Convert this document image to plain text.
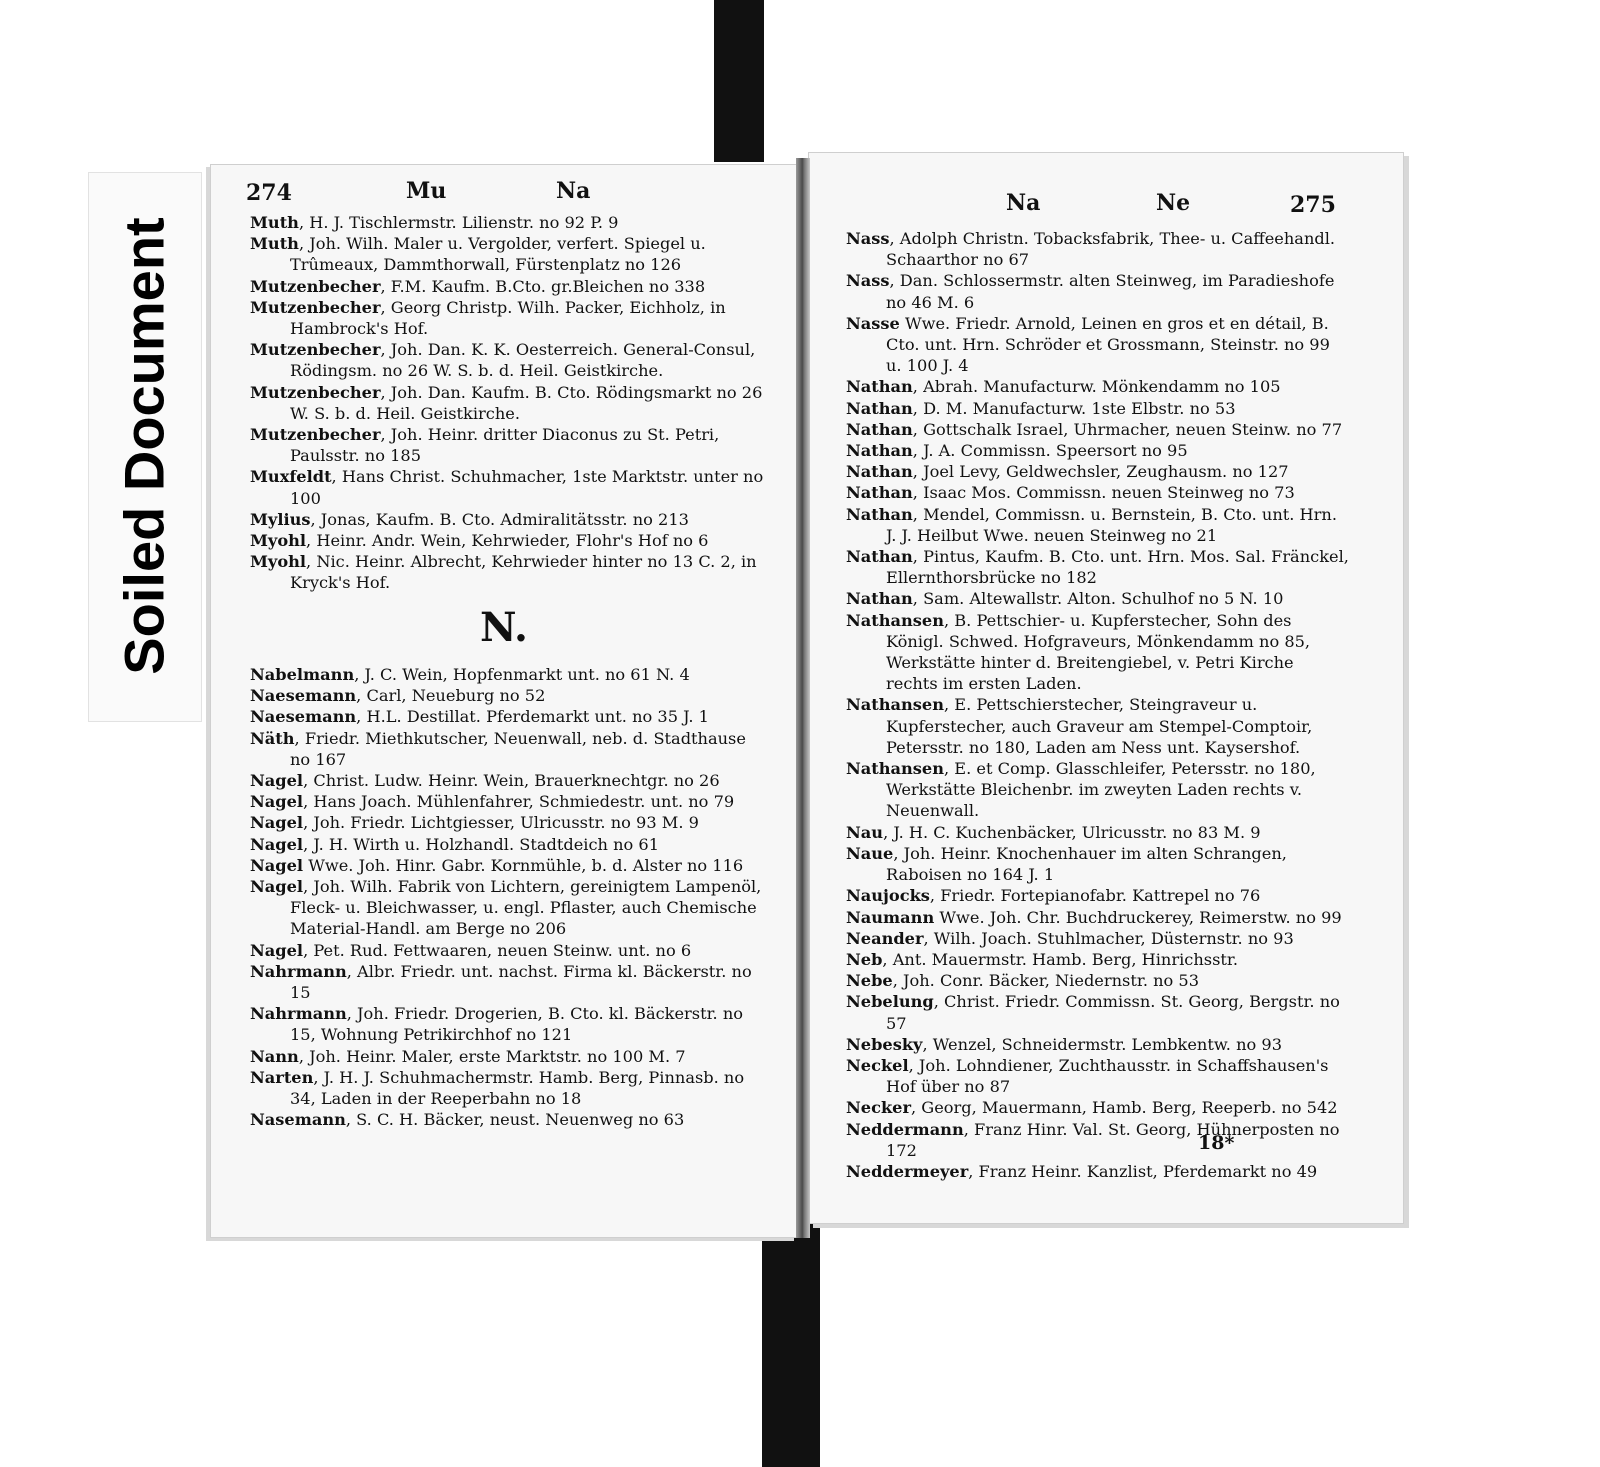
Soiled Document
274	Mu	Na

Muth, H. J. Tischlermstr. Lilienstr. no 92 P. 9

Muth, Joh. Wilh. Maler u. Vergolder, verfert. Spiegel u. Trûmeaux, Dammthorwall, Fürstenplatz no 126

Mutzenbecher, F.M. Kaufm. B.Cto. gr.Bleichen no 338

Mutzenbecher, Georg Christp. Wilh. Packer, Eichholz, in Hambrock's Hof.

Mutzenbecher, Joh. Dan. K. K. Oesterreich. General-Consul, Rödingsm. no 26 W. S. b. d. Heil. Geistkirche.

Mutzenbecher, Joh. Dan. Kaufm. B. Cto. Rödingsmarkt no 26 W. S. b. d. Heil. Geistkirche.

Mutzenbecher, Joh. Heinr. dritter Diaconus zu St. Petri, Paulsstr. no 185

Muxfeldt, Hans Christ. Schuhmacher, 1ste Marktstr. unter no 100

Mylius, Jonas, Kaufm. B. Cto. Admiralitätsstr. no 213

Myohl, Heinr. Andr. Wein, Kehrwieder, Flohr's Hof no 6

Myohl, Nic. Heinr. Albrecht, Kehrwieder hinter no 13 C. 2, in Kryck's Hof.

N.

Nabelmann, J. C. Wein, Hopfenmarkt unt. no 61 N. 4

Naesemann, Carl, Neueburg no 52

Naesemann, H.L. Destillat. Pferdemarkt unt. no 35 J. 1

Näth, Friedr. Miethkutscher, Neuenwall, neb. d. Stadthause no 167

Nagel, Christ. Ludw. Heinr. Wein, Brauerknechtgr. no 26

Nagel, Hans Joach. Mühlenfahrer, Schmiedestr. unt. no 79

Nagel, Joh. Friedr. Lichtgiesser, Ulricusstr. no 93 M. 9

Nagel, J. H. Wirth u. Holzhandl. Stadtdeich no 61

Nagel Wwe. Joh. Hinr. Gabr. Kornmühle, b. d. Alster no 116

Nagel, Joh. Wilh. Fabrik von Lichtern, gereinigtem Lampenöl, Fleck- u. Bleichwasser, u. engl. Pflaster, auch Chemische Material-Handl. am Berge no 206

Nagel, Pet. Rud. Fettwaaren, neuen Steinw. unt. no 6

Nahrmann, Albr. Friedr. unt. nachst. Firma kl. Bäckerstr. no 15

Nahrmann, Joh. Friedr. Drogerien, B. Cto. kl. Bäckerstr. no 15, Wohnung Petrikirchhof no 121

Nann, Joh. Heinr. Maler, erste Marktstr. no 100 M. 7

Narten, J. H. J. Schuhmachermstr. Hamb. Berg, Pinnasb. no 34, Laden in der Reeperbahn no 18

Nasemann, S. C. H. Bäcker, neust. Neuenweg no 63

Na	Ne	275

Nass, Adolph Christn. Tobacksfabrik, Thee- u. Caffeehandl. Schaarthor no 67

Nass, Dan. Schlossermstr. alten Steinweg, im Paradieshofe no 46 M. 6

Nasse Wwe. Friedr. Arnold, Leinen en gros et en détail, B. Cto. unt. Hrn. Schröder et Grossmann, Steinstr. no 99 u. 100 J. 4

Nathan, Abrah. Manufacturw. Mönkendamm no 105

Nathan, D. M. Manufacturw. 1ste Elbstr. no 53

Nathan, Gottschalk Israel, Uhrmacher, neuen Steinw. no 77

Nathan, J. A. Commissn. Speersort no 95

Nathan, Joel Levy, Geldwechsler, Zeughausm. no 127

Nathan, Isaac Mos. Commissn. neuen Steinweg no 73

Nathan, Mendel, Commissn. u. Bernstein, B. Cto. unt. Hrn. J. J. Heilbut Wwe. neuen Steinweg no 21

Nathan, Pintus, Kaufm. B. Cto. unt. Hrn. Mos. Sal. Fränckel, Ellernthorsbrücke no 182

Nathan, Sam. Altewallstr. Alton. Schulhof no 5 N. 10

Nathansen, B. Pettschier- u. Kupferstecher, Sohn des Königl. Schwed. Hofgraveurs, Mönkendamm no 85, Werkstätte hinter d. Breitengiebel, v. Petri Kirche rechts im ersten Laden.

Nathansen, E. Pettschierstecher, Steingraveur u. Kupferstecher, auch Graveur am Stempel-Comptoir, Petersstr. no 180, Laden am Ness unt. Kaysershof.

Nathansen, E. et Comp. Glasschleifer, Petersstr. no 180, Werkstätte Bleichenbr. im zweyten Laden rechts v. Neuenwall.

Nau, J. H. C. Kuchenbäcker, Ulricusstr. no 83 M. 9

Naue, Joh. Heinr. Knochenhauer im alten Schrangen, Raboisen no 164 J. 1

Naujocks, Friedr. Fortepianofabr. Kattrepel no 76

Naumann Wwe. Joh. Chr. Buchdruckerey, Reimerstw. no 99

Neander, Wilh. Joach. Stuhlmacher, Düsternstr. no 93

Neb, Ant. Mauermstr. Hamb. Berg, Hinrichsstr.

Nebe, Joh. Conr. Bäcker, Niedernstr. no 53

Nebelung, Christ. Friedr. Commissn. St. Georg, Bergstr. no 57

Nebesky, Wenzel, Schneidermstr. Lembkentw. no 93

Neckel, Joh. Lohndiener, Zuchthausstr. in Schaffshausen's Hof über no 87

Necker, Georg, Mauermann, Hamb. Berg, Reeperb. no 542

Neddermann, Franz Hinr. Val. St. Georg, Hühnerposten no 172

Neddermeyer, Franz Heinr. Kanzlist, Pferdemarkt no 49

18*
